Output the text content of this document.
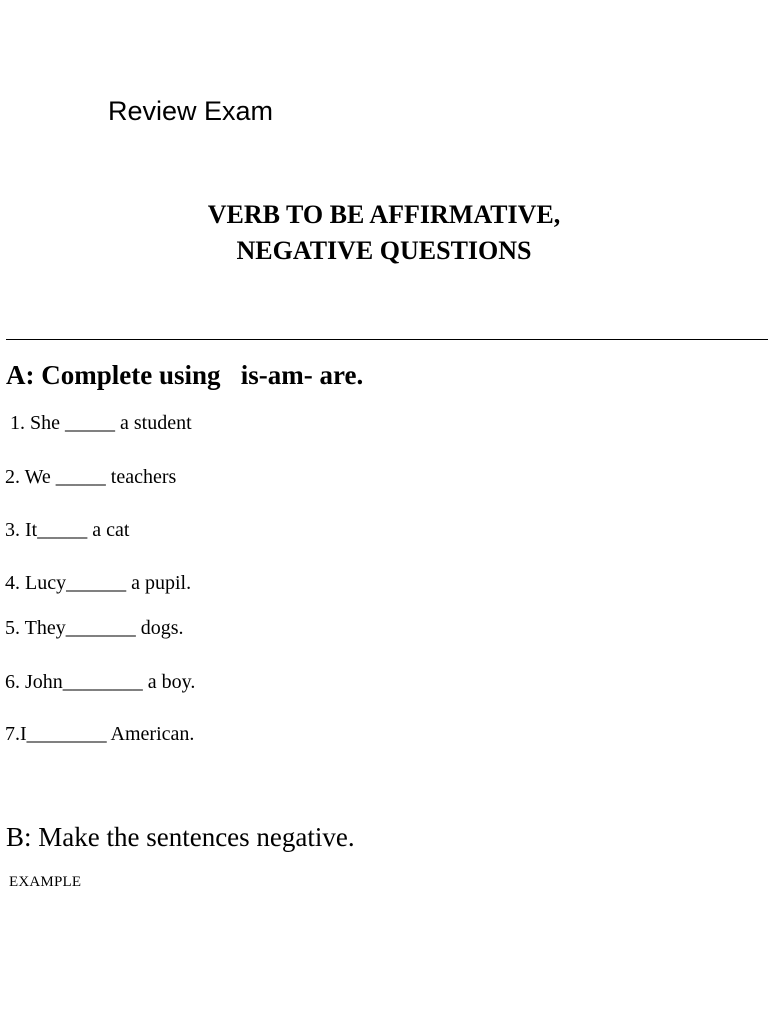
Review Exam
VERB TO BE AFFIRMATIVE,
NEGATIVE QUESTIONS
A: Complete using   is-am- are.
1. She _____ a student
2. We _____ teachers
3. It_____ a cat
4. Lucy______ a pupil.
5. They_______ dogs.
6. John________ a boy.
7.I________ American.
B: Make the sentences negative.
EXAMPLE
